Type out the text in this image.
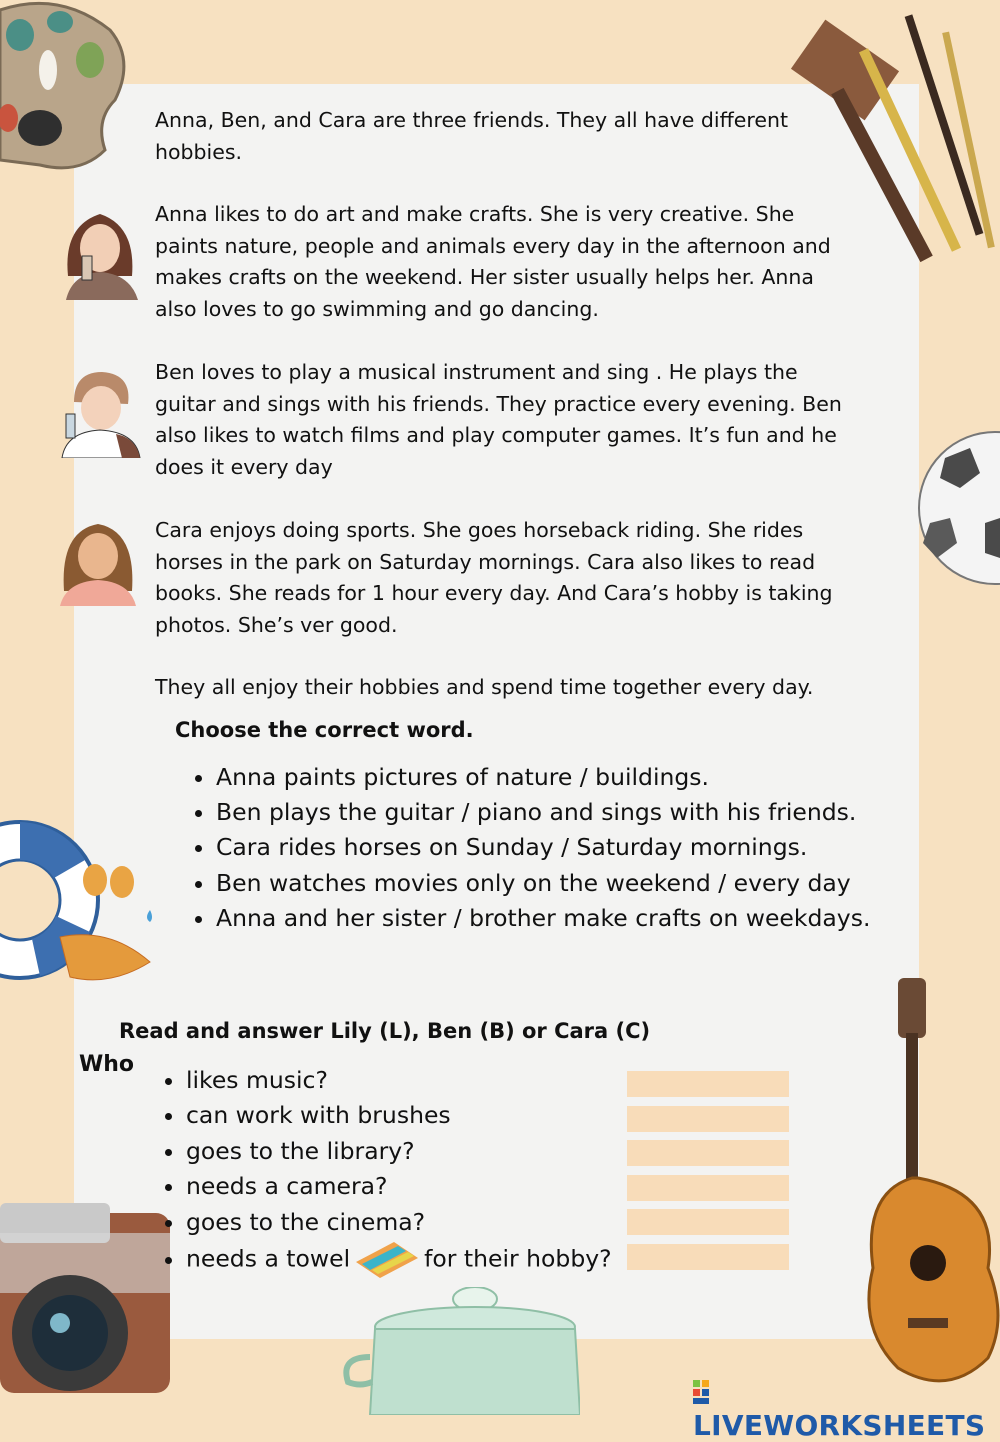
Anna, Ben, and Cara are three friends. They all have different hobbies.

Anna likes to do art and make crafts. She is very creative. She paints nature, people and animals every day in the afternoon and makes crafts on the weekend. Her sister usually helps her. Anna also loves to go swimming and go dancing.

Ben loves to play a musical instrument and sing . He plays the guitar and sings with his friends. They practice every evening. Ben also likes to watch films and play computer games. It’s fun and he does it every day

Cara enjoys doing sports. She goes horseback riding. She rides horses in the park on Saturday mornings. Cara also likes to read books. She reads for 1 hour every day. And Cara’s hobby is taking photos. She’s ver good.

They all enjoy their hobbies and spend time together every day.

Choose the correct word.

• Anna paints pictures of nature / buildings.
• Ben plays the guitar / piano and sings with his friends.
• Cara rides horses on Sunday / Saturday mornings.
• Ben watches movies only on the weekend / every day
• Anna and her sister / brother make crafts on weekdays.

Read and answer Lily (L), Ben (B) or Cara (C)

Who

• likes music?
• can work with brushes
• goes to the library?
• needs a camera?
• goes to the cinema?
• needs a towel	for their hobby?
LIVEWORKSHEETS
